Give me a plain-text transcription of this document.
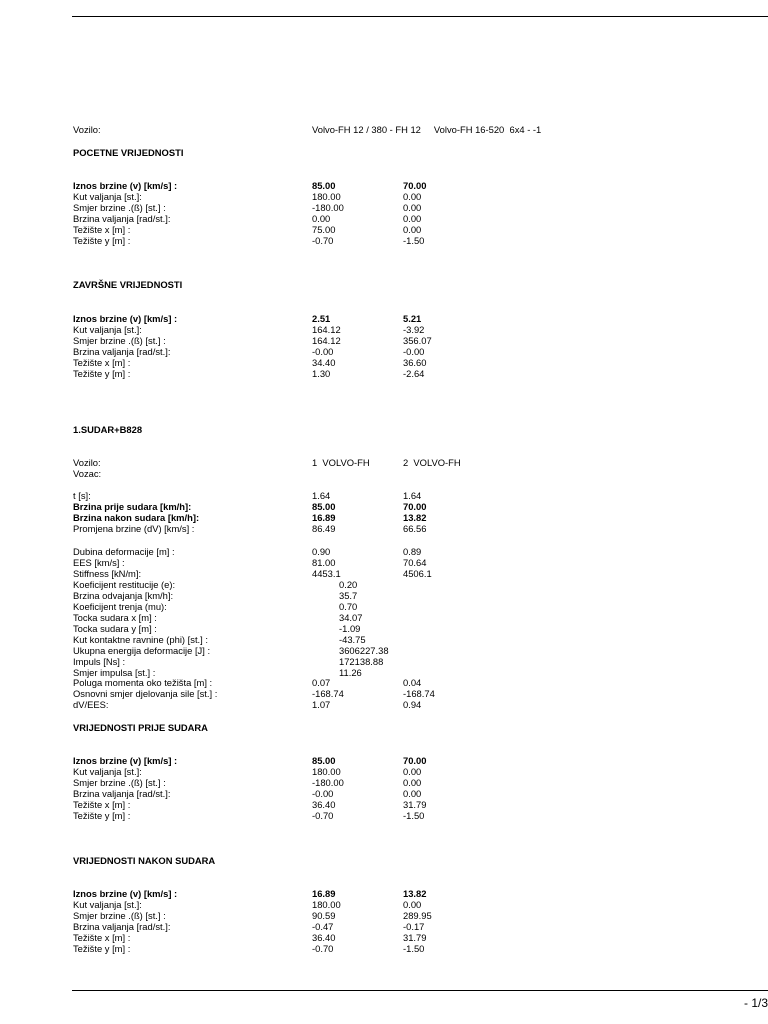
Vozilo:	Volvo-FH 12 / 380 - FH 12     Volvo-FH 16-520  6x4 - -1
POCETNE VRIJEDNOSTI
ZAVRŠNE VRIJEDNOSTI
1.SUDAR+B828
Vozilo:	1  VOLVO-FH	2  VOLVO-FH
Vozac:
VRIJEDNOSTI PRIJE SUDARA
VRIJEDNOSTI NAKON SUDARA
Iznos brzine (v) [km/s] :	85.00	70.00
Kut valjanja [st.]:	180.00	0.00
Smjer brzine .(ß) [st.] :	-180.00	0.00
Brzina valjanja [rad/st.]:	0.00	0.00
Težište x [m] :	75.00	0.00
Težište y [m] :	-0.70	-1.50
Iznos brzine (v) [km/s] :	2.51	5.21
Kut valjanja [st.]:	164.12	-3.92
Smjer brzine .(ß) [st.] :	164.12	356.07
Brzina valjanja [rad/st.]:	-0.00	-0.00
Težište x [m] :	34.40	36.60
Težište y [m] :	1.30	-2.64
t [s]:	1.64	1.64
Brzina prije sudara [km/h]:	85.00	70.00
Brzina nakon sudara [km/h]:	16.89	13.82
Promjena brzine (dV) [km/s] :	86.49	66.56
Dubina deformacije [m] :	0.90	0.89
EES [km/s] :	81.00	70.64
Stiffness [kN/m]:	4453.1	4506.1
Koeficijent restitucije (e):	0.20
Brzina odvajanja [km/h]:	35.7
Koeficijent trenja (mu):	0.70
Tocka sudara x [m] :	34.07
Tocka sudara y [m] :	-1.09
Kut kontaktne ravnine (phi) [st.] :	-43.75
Ukupna energija deformacije [J] :	3606227.38
Impuls [Ns] :	172138.88
Smjer impulsa [st.] :	11.26
Poluga momenta oko težišta [m] :	0.07	0.04
Osnovni smjer djelovanja sile [st.] :	-168.74	-168.74
dV/EES:	1.07	0.94
Iznos brzine (v) [km/s] :	85.00	70.00
Kut valjanja [st.]:	180.00	0.00
Smjer brzine .(ß) [st.] :	-180.00	0.00
Brzina valjanja [rad/st.]:	-0.00	0.00
Težište x [m] :	36.40	31.79
Težište y [m] :	-0.70	-1.50
Iznos brzine (v) [km/s] :	16.89	13.82
Kut valjanja [st.]:	180.00	0.00
Smjer brzine .(ß) [st.] :	90.59	289.95
Brzina valjanja [rad/st.]:	-0.47	-0.17
Težište x [m] :	36.40	31.79
Težište y [m] :	-0.70	-1.50
- 1/3
